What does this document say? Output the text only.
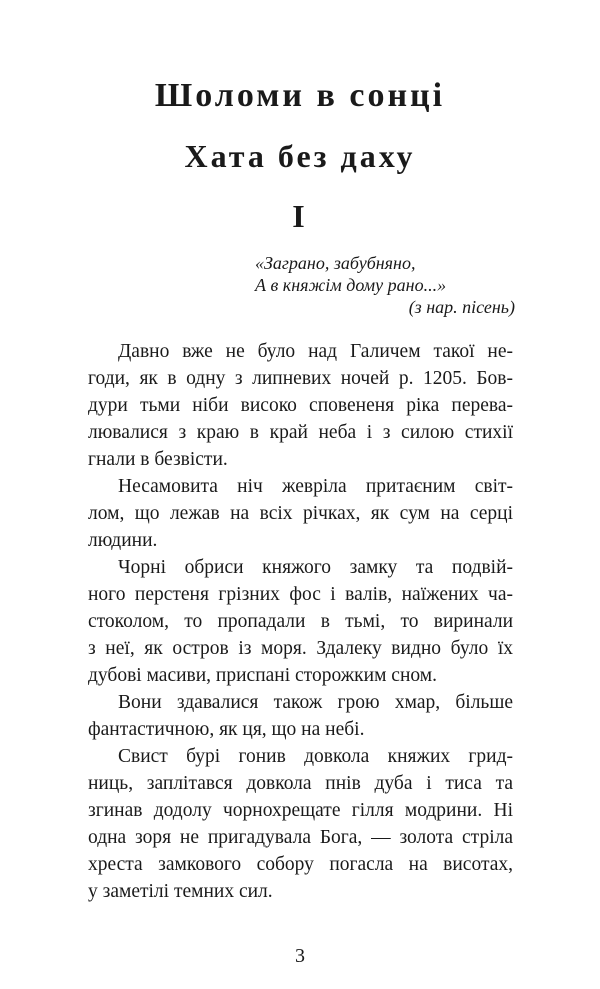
Шоломи в сонці
Хата без даху
I
«Заграно, забубняно,
А в княжім дому рано...»
(з нар. пісень)
Давно вже не було над Галичем такої не-
годи, як в одну з липневих ночей р. 1205. Бов-
дури тьми ніби високо сповененя ріка перева-
лювалися з краю в край неба і з силою стихії
гнали в безвісти.
Несамовита ніч жевріла притаєним світ-
лом, що лежав на всіх річках, як сум на серці
людини.
Чорні обриси княжого замку та подвій-
ного перстеня грізних фос і валів, наїжених ча-
стоколом, то пропадали в тьмі, то виринали
з неї, як остров із моря. Здалеку видно було їх
дубові масиви, приспані сторожким сном.
Вони здавалися також грою хмар, більше
фантастичною, як ця, що на небі.
Свист бурі гонив довкола княжих грид-
ниць, заплітався довкола пнів дуба і тиса та
згинав додолу чорнохрещате гілля модрини. Ні
одна зоря не пригадувала Бога, — золота стріла
хреста замкового собору погасла на висотах,
у заметілі темних сил.
3
